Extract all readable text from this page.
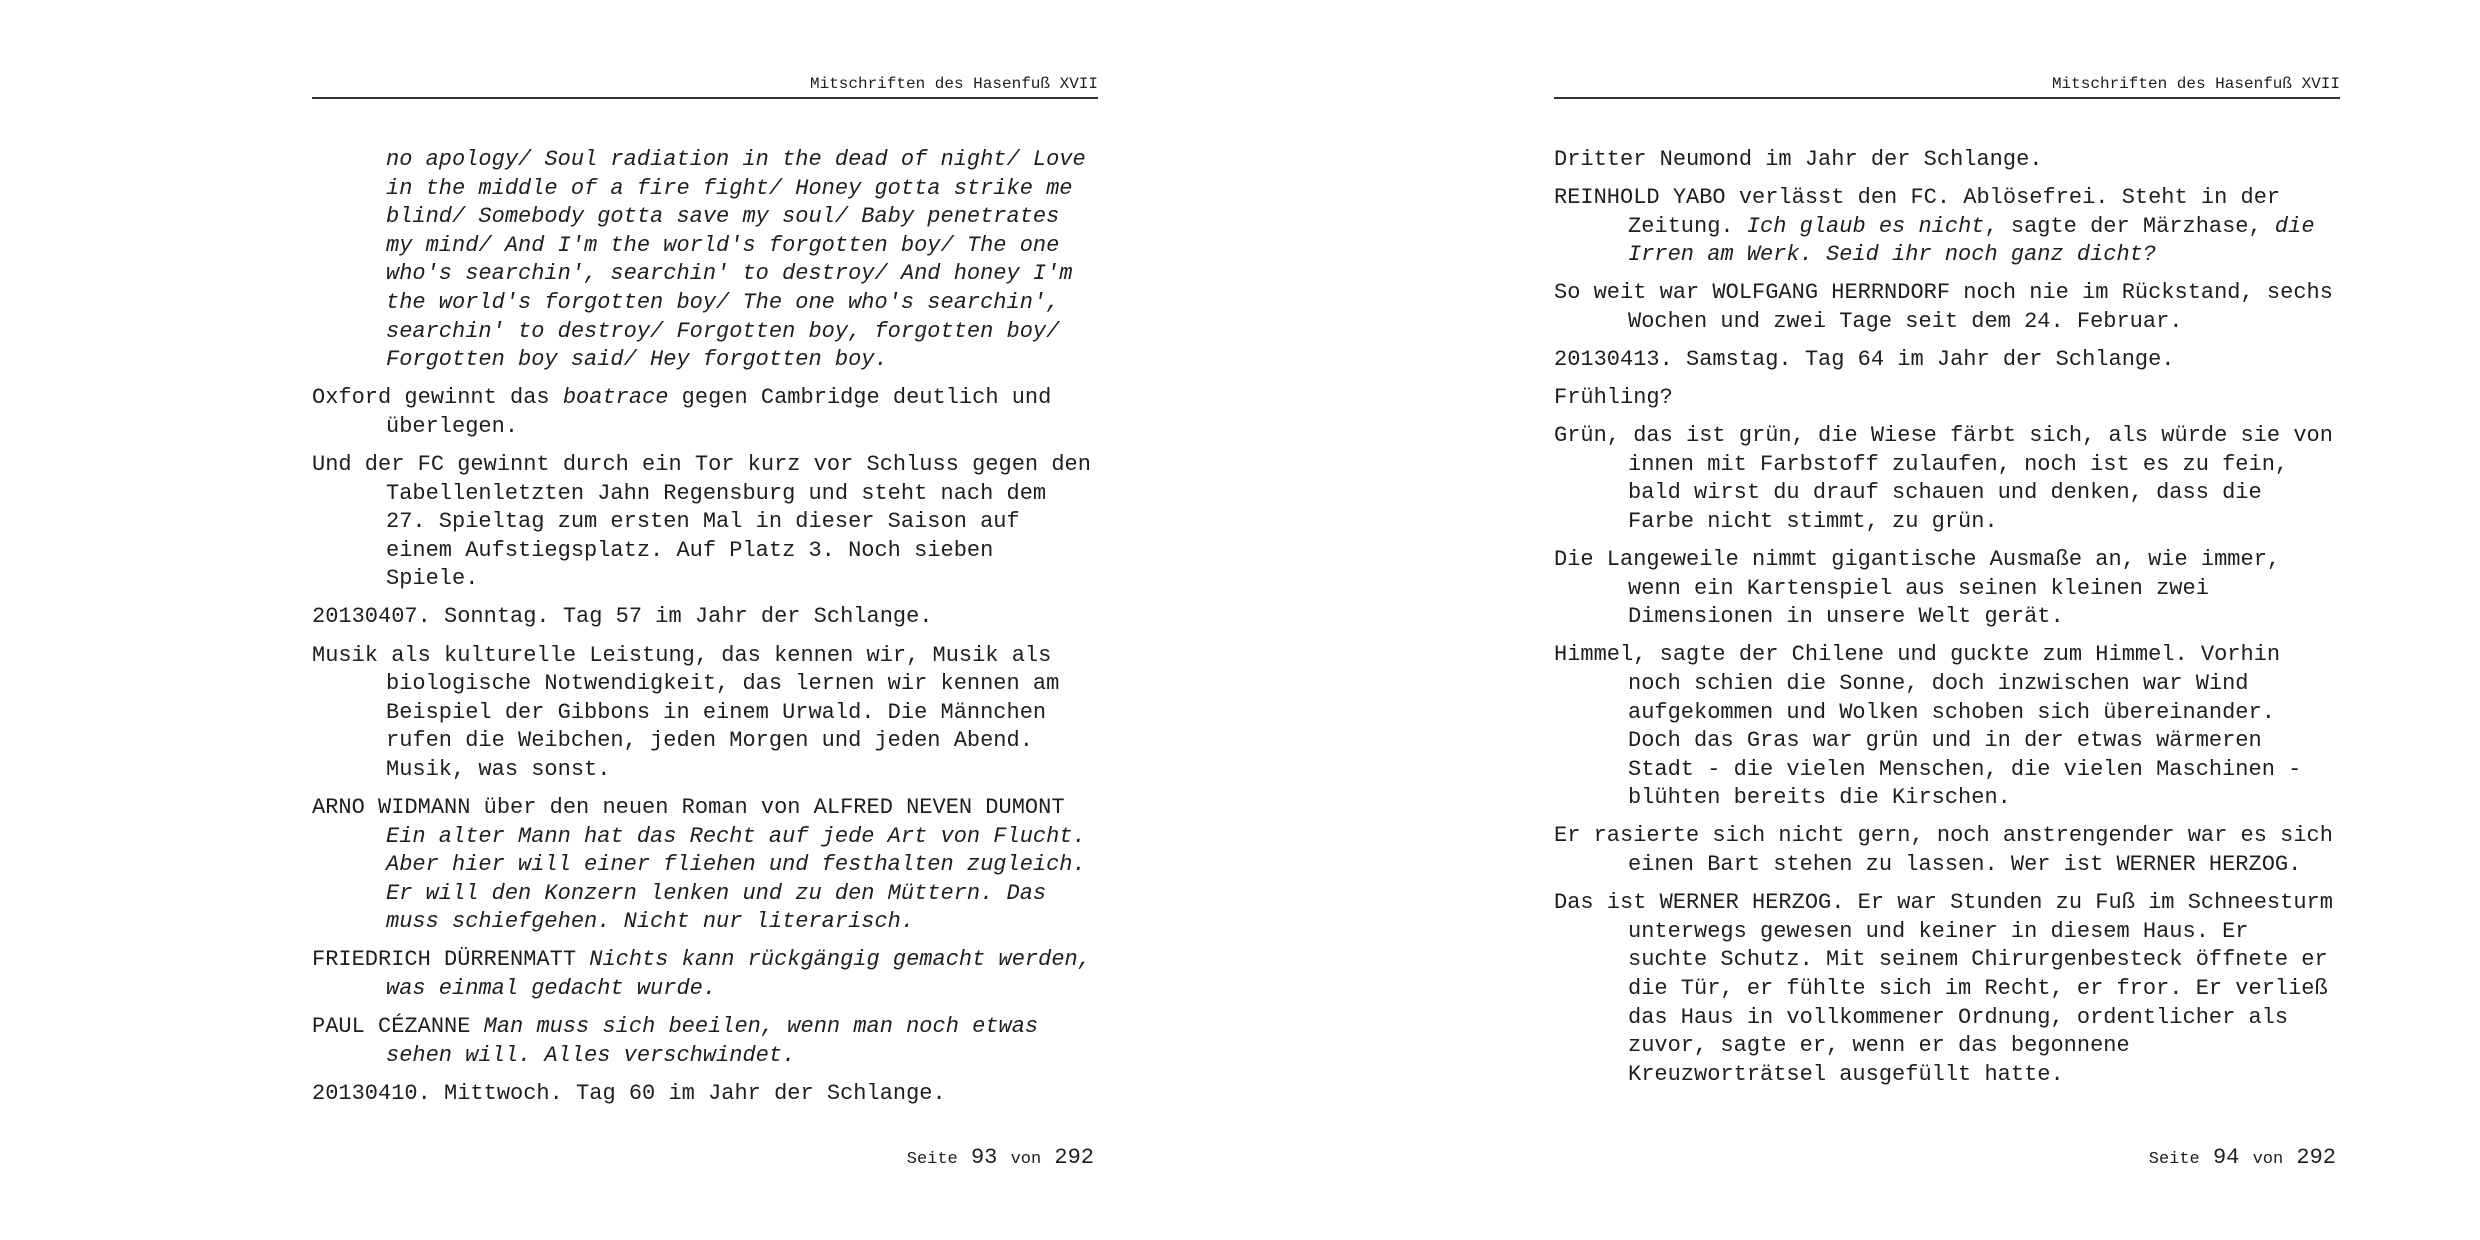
Mitschriften des Hasenfuß XVII

no apology/ Soul radiation in the dead of night/ Love in the middle of a fire fight/ Honey gotta strike me blind/ Somebody gotta save my soul/ Baby penetrates my mind/ And I'm the world's forgotten boy/ The one who's searchin', searchin' to destroy/ And honey I'm the world's forgotten boy/ The one who's searchin', searchin' to destroy/ Forgotten boy, forgotten boy/ Forgotten boy said/ Hey forgotten boy.

Oxford gewinnt das boatrace gegen Cambridge deutlich und überlegen.

Und der FC gewinnt durch ein Tor kurz vor Schluss gegen den Tabellenletzten Jahn Regensburg und steht nach dem 27. Spieltag zum ersten Mal in dieser Saison auf einem Aufstiegsplatz. Auf Platz 3. Noch sieben Spiele.

20130407. Sonntag. Tag 57 im Jahr der Schlange.

Musik als kulturelle Leistung, das kennen wir, Musik als biologische Notwendigkeit, das lernen wir kennen am Beispiel der Gibbons in einem Urwald. Die Männchen rufen die Weibchen, jeden Morgen und jeden Abend. Musik, was sonst.

ARNO WIDMANN über den neuen Roman von ALFRED NEVEN DUMONT Ein alter Mann hat das Recht auf jede Art von Flucht. Aber hier will einer fliehen und festhalten zugleich. Er will den Konzern lenken und zu den Müttern. Das muss schiefgehen. Nicht nur literarisch.

FRIEDRICH DÜRRENMATT Nichts kann rückgängig gemacht werden, was einmal gedacht wurde.

PAUL CÉZANNE Man muss sich beeilen, wenn man noch etwas sehen will. Alles verschwindet.

20130410. Mittwoch. Tag 60 im Jahr der Schlange.

Seite 93 von 292
Mitschriften des Hasenfuß XVII

Dritter Neumond im Jahr der Schlange.

REINHOLD YABO verlässt den FC. Ablösefrei. Steht in der Zeitung. Ich glaub es nicht, sagte der Märzhase, die Irren am Werk. Seid ihr noch ganz dicht?

So weit war WOLFGANG HERRNDORF noch nie im Rückstand, sechs Wochen und zwei Tage seit dem 24. Februar.

20130413. Samstag. Tag 64 im Jahr der Schlange.

Frühling?

Grün, das ist grün, die Wiese färbt sich, als würde sie von innen mit Farbstoff zulaufen, noch ist es zu fein, bald wirst du drauf schauen und denken, dass die Farbe nicht stimmt, zu grün.

Die Langeweile nimmt gigantische Ausmaße an, wie immer, wenn ein Kartenspiel aus seinen kleinen zwei Dimensionen in unsere Welt gerät.

Himmel, sagte der Chilene und guckte zum Himmel. Vorhin noch schien die Sonne, doch inzwischen war Wind aufgekommen und Wolken schoben sich übereinander. Doch das Gras war grün und in der etwas wärmeren Stadt - die vielen Menschen, die vielen Maschinen - blühten bereits die Kirschen.

Er rasierte sich nicht gern, noch anstrengender war es sich einen Bart stehen zu lassen. Wer ist WERNER HERZOG.

Das ist WERNER HERZOG. Er war Stunden zu Fuß im Schneesturm unterwegs gewesen und keiner in diesem Haus. Er suchte Schutz. Mit seinem Chirurgenbesteck öffnete er die Tür, er fühlte sich im Recht, er fror. Er verließ das Haus in vollkommener Ordnung, ordentlicher als zuvor, sagte er, wenn er das begonnene Kreuzworträtsel ausgefüllt hatte.

Seite 94 von 292
